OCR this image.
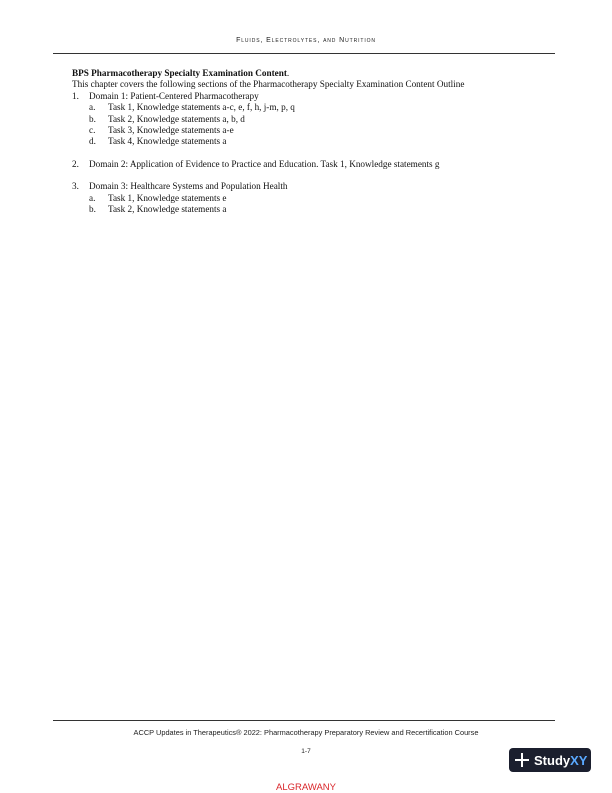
Fluids, Electrolytes, and Nutrition

BPS Pharmacotherapy Specialty Examination Content.

This chapter covers the following sections of the Pharmacotherapy Specialty Examination Content Outline

1.	Domain 1: Patient-Centered Pharmacotherapy
a.	Task 1, Knowledge statements a-c, e, f, h, j-m, p, q
b.	Task 2, Knowledge statements a, b, d
c.	Task 3, Knowledge statements a-e
d.	Task 4, Knowledge statements a
2.	Domain 2: Application of Evidence to Practice and Education. Task 1, Knowledge statements g
3.	Domain 3: Healthcare Systems and Population Health
a.	Task 1, Knowledge statements e
b.	Task 2, Knowledge statements a
ACCP Updates in Therapeutics® 2022: Pharmacotherapy Preparatory Review and Recertification Course
1-7
StudyXY
ALGRAWANY
